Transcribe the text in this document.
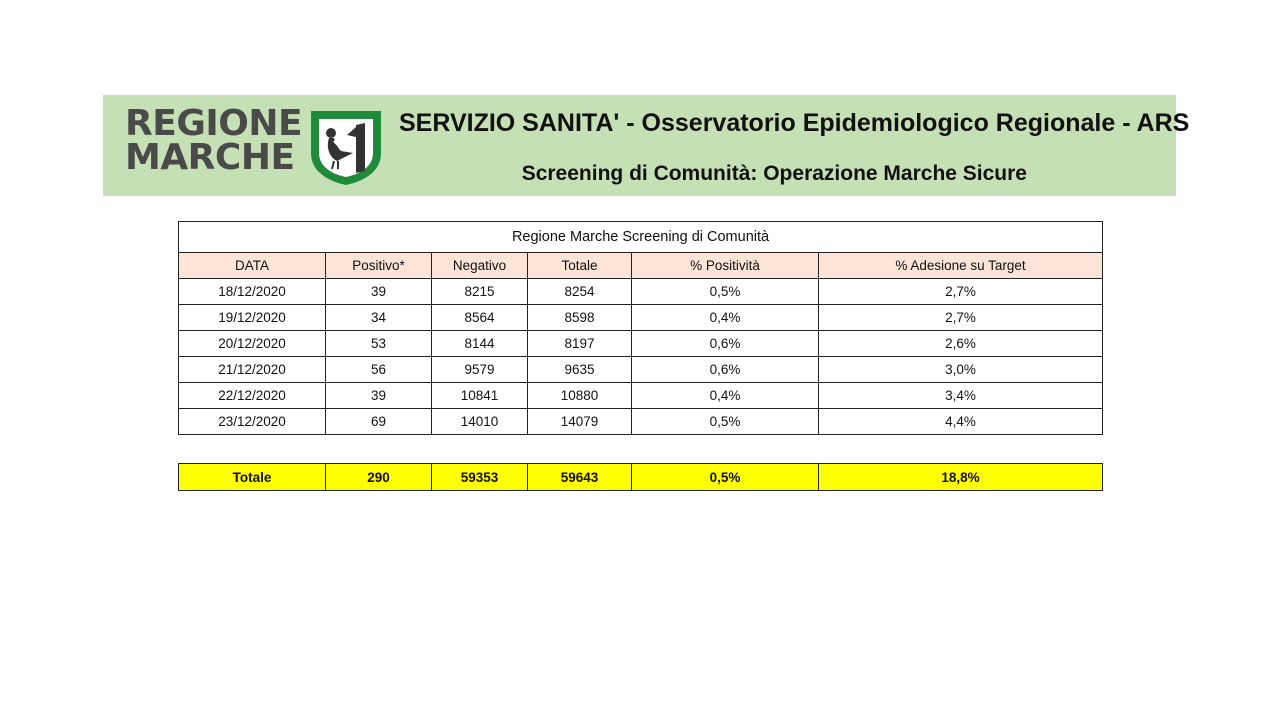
REGIONE
MARCHE
SERVIZIO SANITA' - Osservatorio Epidemiologico Regionale - ARS
Screening di Comunità: Operazione Marche Sicure
Regione Marche Screening di Comunità					
DATA	Positivo*	Negativo	Totale	% Positività	% Adesione su Target
18/12/2020	39	8215	8254	0,5%	2,7%
19/12/2020	34	8564	8598	0,4%	2,7%
20/12/2020	53	8144	8197	0,6%	2,6%
21/12/2020	56	9579	9635	0,6%	3,0%
22/12/2020	39	10841	10880	0,4%	3,4%
23/12/2020	69	14010	14079	0,5%	4,4%
Totale	290	59353	59643	0,5%	18,8%
